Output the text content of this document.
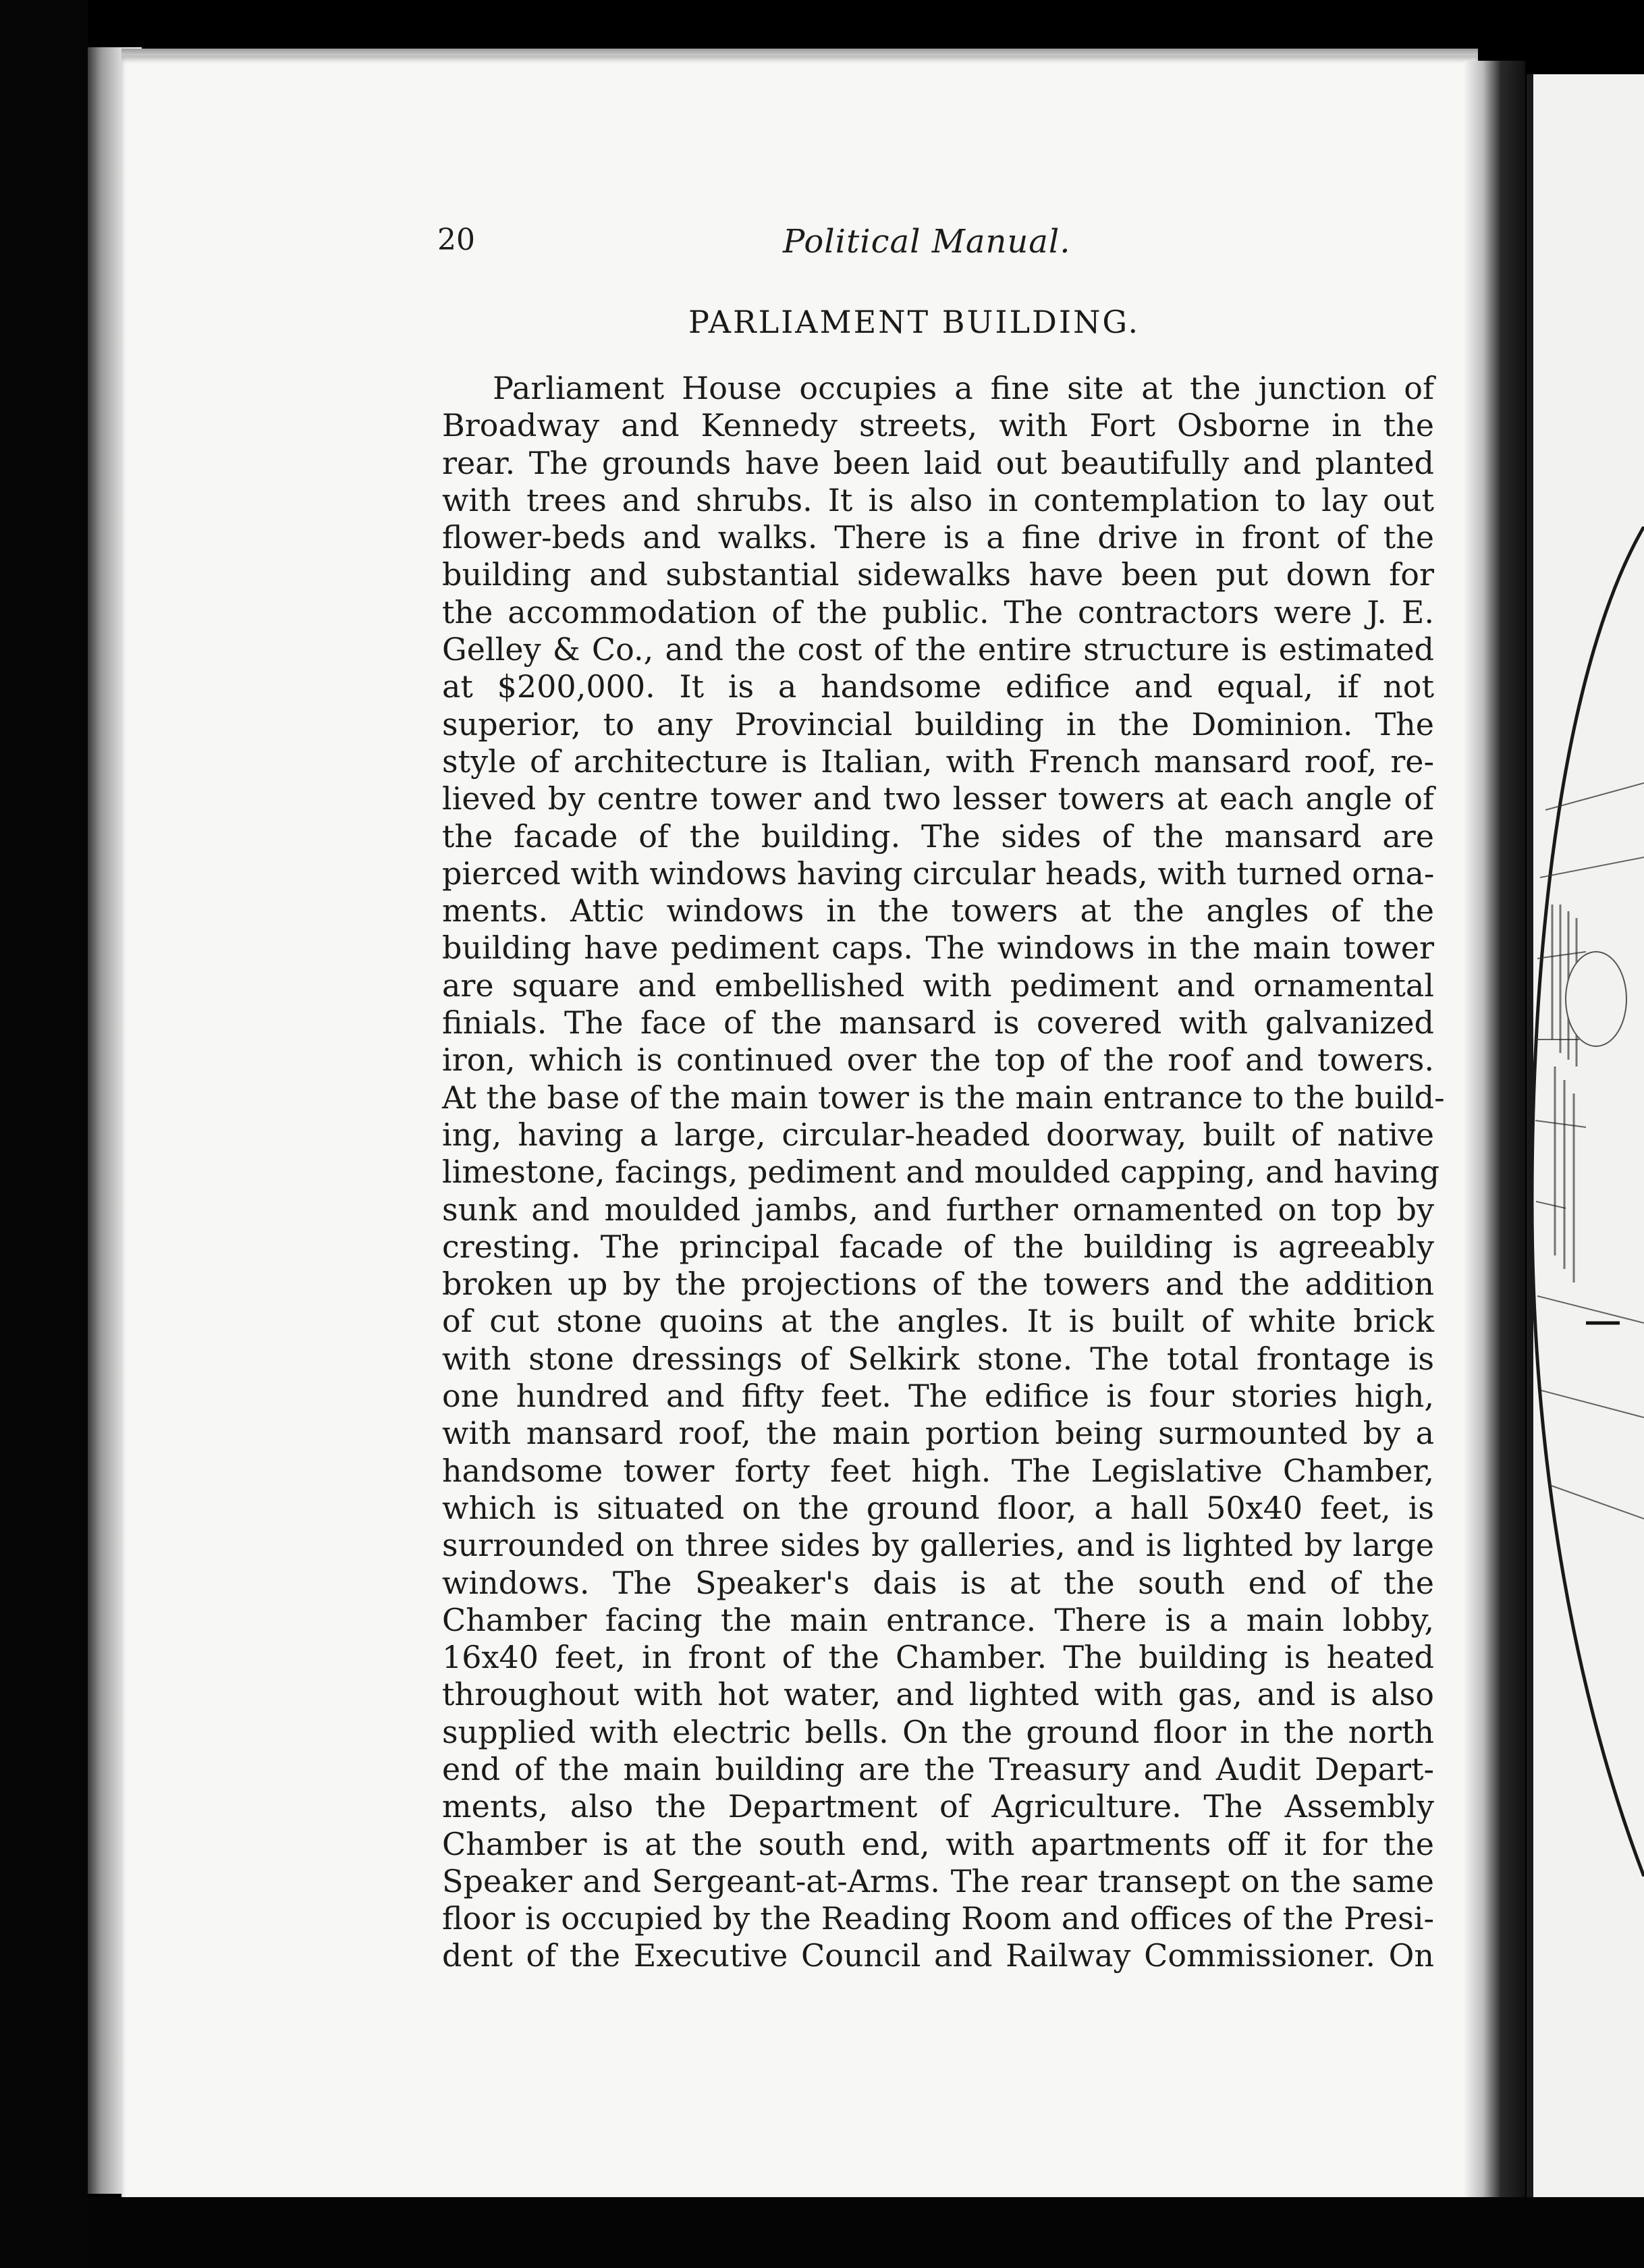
20	Political Manual.
PARLIAMENT BUILDING.
Parliament House occupies a fine site at the junction of
Broadway and Kennedy streets, with Fort Osborne in the
rear. The grounds have been laid out beautifully and planted
with trees and shrubs. It is also in contemplation to lay out
flower-beds and walks. There is a fine drive in front of the
building and substantial sidewalks have been put down for
the accommodation of the public. The contractors were J. E.
Gelley & Co., and the cost of the entire structure is estimated
at $200,000. It is a handsome edifice and equal, if not
superior, to any Provincial building in the Dominion. The
style of architecture is Italian, with French mansard roof, re-
lieved by centre tower and two lesser towers at each angle of
the facade of the building. The sides of the mansard are
pierced with windows having circular heads, with turned orna-
ments. Attic windows in the towers at the angles of the
building have pediment caps. The windows in the main tower
are square and embellished with pediment and ornamental
finials. The face of the mansard is covered with galvanized
iron, which is continued over the top of the roof and towers.
At the base of the main tower is the main entrance to the build-
ing, having a large, circular-headed doorway, built of native
limestone, facings, pediment and moulded capping, and having
sunk and moulded jambs, and further ornamented on top by
cresting. The principal facade of the building is agreeably
broken up by the projections of the towers and the addition
of cut stone quoins at the angles. It is built of white brick
with stone dressings of Selkirk stone. The total frontage is
one hundred and fifty feet. The edifice is four stories high,
with mansard roof, the main portion being surmounted by a
handsome tower forty feet high. The Legislative Chamber,
which is situated on the ground floor, a hall 50x40 feet, is
surrounded on three sides by galleries, and is lighted by large
windows. The Speaker's dais is at the south end of the
Chamber facing the main entrance. There is a main lobby,
16x40 feet, in front of the Chamber. The building is heated
throughout with hot water, and lighted with gas, and is also
supplied with electric bells. On the ground floor in the north
end of the main building are the Treasury and Audit Depart-
ments, also the Department of Agriculture. The Assembly
Chamber is at the south end, with apartments off it for the
Speaker and Sergeant-at-Arms. The rear transept on the same
floor is occupied by the Reading Room and offices of the Presi-
dent of the Executive Council and Railway Commissioner. On
